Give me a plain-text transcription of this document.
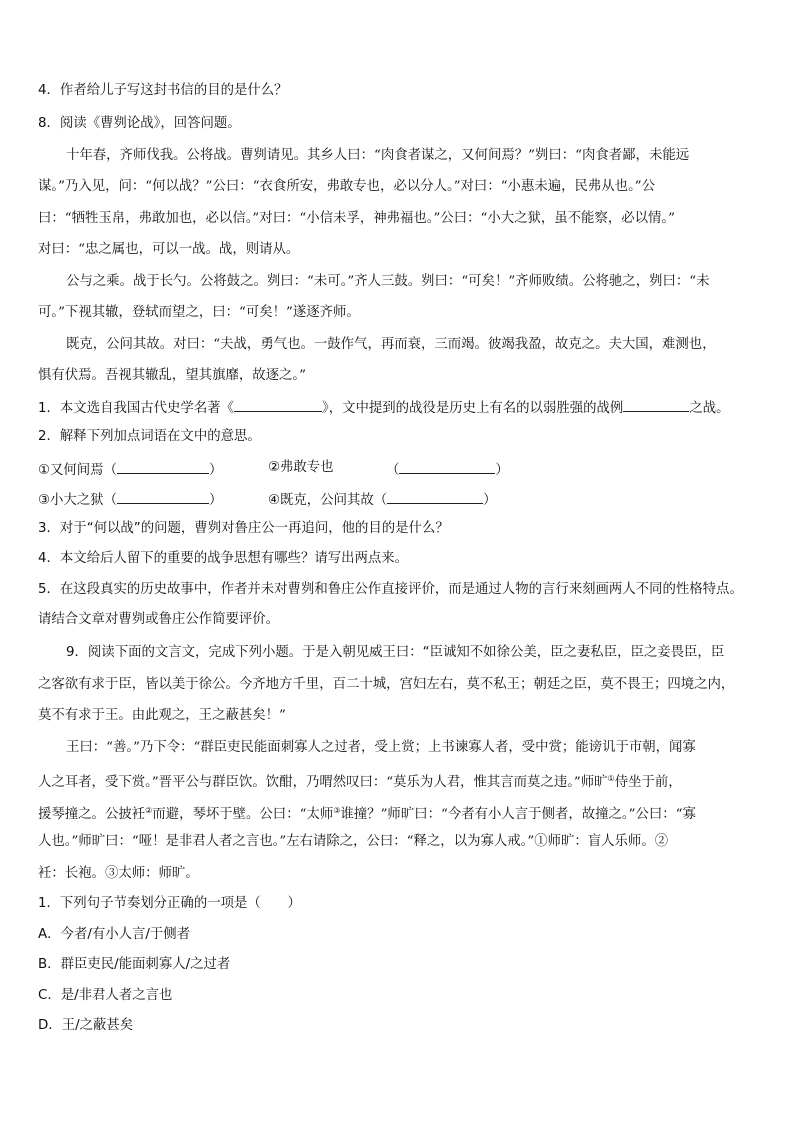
4．作者给儿子写这封书信的目的是什么？
8．阅读《曹刿论战》，回答问题。
十年春，齐师伐我。公将战。曹刿请见。其乡人曰：“肉食者谋之，又何间焉？”刿曰：“肉食者鄙，未能远
谋。”乃入见，问：“何以战？”公曰：“衣食所安，弗敢专也，必以分人。”对曰：“小惠未遍，民弗从也。”公
曰：“牺牲玉帛，弗敢加也，必以信。”对曰：“小信未孚，神弗福也。”公曰：“小大之狱，虽不能察，必以情。”
对曰：“忠之属也，可以一战。战，则请从。
公与之乘。战于长勺。公将鼓之。刿曰：“未可。”齐人三鼓。刿曰：“可矣！”齐师败绩。公将驰之，刿曰：“未
可。”下视其辙，登轼而望之，曰：“可矣！”遂逐齐师。
既克，公问其故。对曰：“夫战，勇气也。一鼓作气，再而衰，三而竭。彼竭我盈，故克之。夫大国，难测也，
惧有伏焉。吾视其辙乱，望其旗靡，故逐之。”
1．本文选自我国古代史学名著《	》，文中提到的战役是历史上有名的以弱胜强的战例	之战。
2．解释下列加点词语在文中的意思。
①又何间焉（	）	②弗敢专也	（	）
③小大之狱（	）	④既克，公问其故（	）
3．对于“何以战”的问题，曹刿对鲁庄公一再追问，他的目的是什么？
4．本文给后人留下的重要的战争思想有哪些？请写出两点来。
5．在这段真实的历史故事中，作者并未对曹刿和鲁庄公作直接评价，而是通过人物的言行来刻画两人不同的性格特点。
请结合文章对曹刿或鲁庄公作简要评价。
9．阅读下面的文言文，完成下列小题。于是入朝见威王曰：“臣诚知不如徐公美，臣之妻私臣，臣之妾畏臣，臣
之客欲有求于臣，皆以美于徐公。今齐地方千里，百二十城，宫妇左右，莫不私王；朝廷之臣，莫不畏王；四境之内，
莫不有求于王。由此观之，王之蔽甚矣！”
王曰：“善。”乃下令：“群臣吏民能面刺寡人之过者，受上赏；上书谏寡人者，受中赏；能谤讥于市朝，闻寡
人之耳者，受下赏。”晋平公与群臣饮。饮酣，乃喟然叹曰：“莫乐为人君，惟其言而莫之违。”师旷①侍坐于前，
援琴撞之。公披衽②而避，琴坏于壁。公曰：“太师③谁撞？”师旷曰：“今者有小人言于侧者，故撞之。”公曰：“寡
人也。”师旷曰：“哑！是非君人者之言也。”左右请除之，公曰：“释之，以为寡人戒。”①师旷：盲人乐师。②
衽：长袍。③太师：师旷。
1．下列句子节奏划分正确的一项是（　　）
A．今者/有小人言/于侧者
B．群臣吏民/能面刺寡人/之过者
C．是/非君人者之言也
D．王/之蔽甚矣
